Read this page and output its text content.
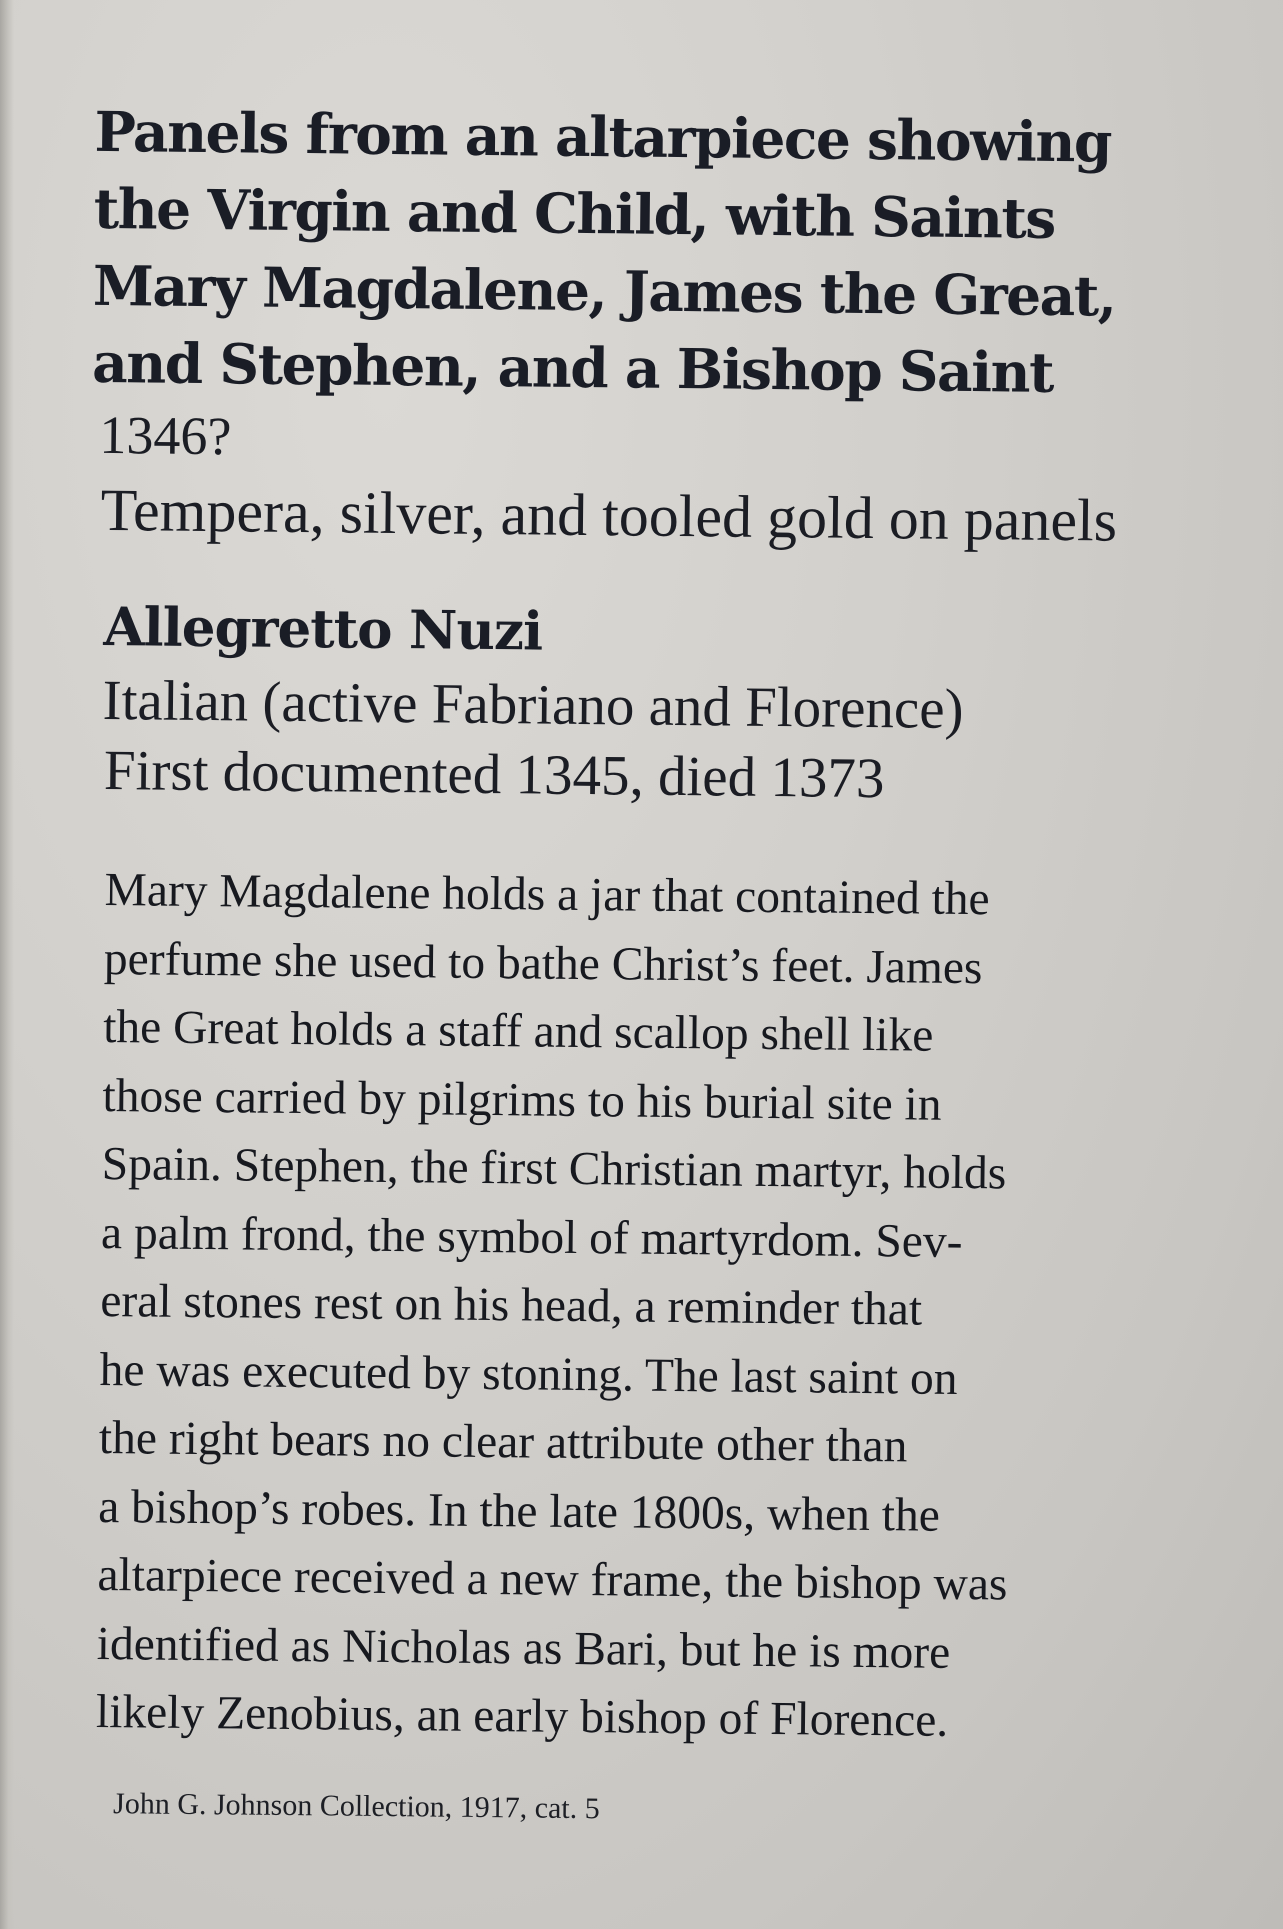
Panels from an altarpiece showing
the Virgin and Child, with Saints
Mary Magdalene, James the Great,
and Stephen, and a Bishop Saint

1346?

Tempera, silver, and tooled gold on panels

Allegretto Nuzi

Italian (active Fabriano and Florence)

First documented 1345, died 1373

Mary Magdalene holds a jar that contained the
perfume she used to bathe Christ’s feet. James
the Great holds a staff and scallop shell like
those carried by pilgrims to his burial site in
Spain. Stephen, the first Christian martyr, holds
a palm frond, the symbol of martyrdom. Sev-
eral stones rest on his head, a reminder that
he was executed by stoning. The last saint on
the right bears no clear attribute other than
a bishop’s robes. In the late 1800s, when the
altarpiece received a new frame, the bishop was
identified as Nicholas as Bari, but he is more
likely Zenobius, an early bishop of Florence.

John G. Johnson Collection, 1917, cat. 5
